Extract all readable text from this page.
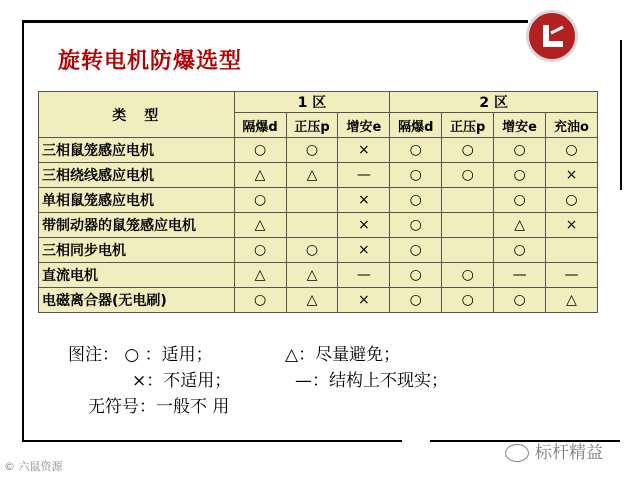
旋转电机防爆选型
类　型	1 区			2 区			
	隔爆d	正压p	增安e	隔爆d	正压p	增安e	充油o
三相鼠笼感应电机	○	○	×	○	○	○	○
三相绕线感应电机	△	△	—	○	○	○	×
单相鼠笼感应电机	○		×	○		○	○
带制动器的鼠笼感应电机	△		×	○		△	×
三相同步电机	○	○	×	○		○	
直流电机	△	△	—	○	○	—	—
电磁离合器(无电刷)	○	△	×	○	○	○	△
图注： ○ ：适用；	△：尽量避免；
×：不适用；	—：结构上不现实；
无符号：一般不 用
© 六鼠资源
标杆精益
